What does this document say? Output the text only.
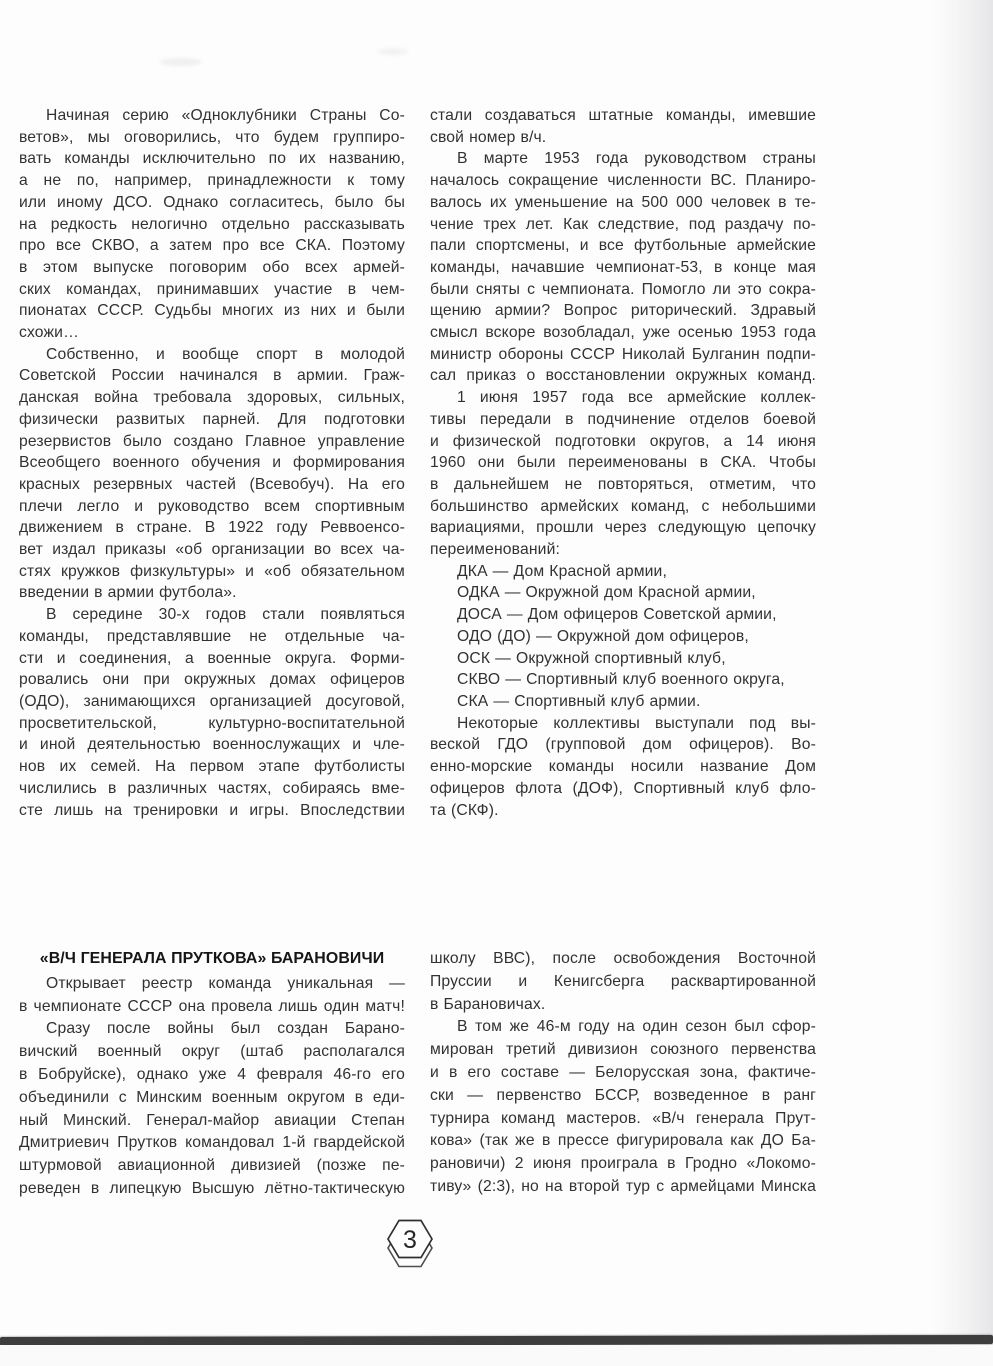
Начиная серию «Одноклубники Страны Со-
ветов», мы оговорились, что будем группиро-
вать команды исключительно по их названию,
а не по, например, принадлежности к тому
или иному ДСО. Однако согласитесь, было бы
на редкость нелогично отдельно рассказывать
про все СКВО, а затем про все СКА. Поэтому
в этом выпуске поговорим обо всех армей-
ских командах, принимавших участие в чем-
пионатах СССР. Судьбы многих из них и были
схожи…
Собственно, и вообще спорт в молодой
Советской России начинался в армии. Граж-
данская война требовала здоровых, сильных,
физически развитых парней. Для подготовки
резервистов было создано Главное управление
Всеобщего военного обучения и формирования
красных резервных частей (Всевобуч). На его
плечи легло и руководство всем спортивным
движением в стране. В 1922 году Реввоенсо-
вет издал приказы «об организации во всех ча-
стях кружков физкультуры» и «об обязательном
введении в армии футбола».
В середине 30-х годов стали появляться
команды, представлявшие не отдельные ча-
сти и соединения, а военные округа. Форми-
ровались они при окружных домах офицеров
(ОДО), занимающихся организацией досуговой,
просветительской, культурно-воспитательной
и иной деятельностью военнослужащих и чле-
нов их семей. На первом этапе футболисты
числились в различных частях, собираясь вме-
сте лишь на тренировки и игры. Впоследствии
стали создаваться штатные команды, имевшие
свой номер в/ч.
В марте 1953 года руководством страны
началось сокращение численности ВС. Планиро-
валось их уменьшение на 500 000 человек в те-
чение трех лет. Как следствие, под раздачу по-
пали спортсмены, и все футбольные армейские
команды, начавшие чемпионат-53, в конце мая
были сняты с чемпионата. Помогло ли это сокра-
щению армии? Вопрос риторический. Здравый
смысл вскоре возобладал, уже осенью 1953 года
министр обороны СССР Николай Булганин подпи-
сал приказ о восстановлении окружных команд.
1 июня 1957 года все армейские коллек-
тивы передали в подчинение отделов боевой
и физической подготовки округов, а 14 июня
1960 они были переименованы в СКА. Чтобы
в дальнейшем не повторяться, отметим, что
большинство армейских команд, с небольшими
вариациями, прошли через следующую цепочку
переименований:
ДКА — Дом Красной армии,
ОДКА — Окружной дом Красной армии,
ДОСА — Дом офицеров Советской армии,
ОДО (ДО) — Окружной дом офицеров,
ОСК — Окружной спортивный клуб,
СКВО — Спортивный клуб военного округа,
СКА — Спортивный клуб армии.
Некоторые коллективы выступали под вы-
веской ГДО (групповой дом офицеров). Во-
енно-морские команды носили название Дом
офицеров флота (ДОФ), Спортивный клуб фло-
та (СКФ).
«В/Ч ГЕНЕРАЛА ПРУТКОВА» БАРАНОВИЧИ
Открывает реестр команда уникальная —
в чемпионате СССР она провела лишь один матч!
Сразу после войны был создан Барано-
вичский военный округ (штаб располагался
в Бобруйске), однако уже 4 февраля 46-го его
объединили с Минским военным округом в еди-
ный Минский. Генерал-майор авиации Степан
Дмитриевич Прутков командовал 1-й гвардейской
штурмовой авиационной дивизией (позже пе-
реведен в липецкую Высшую лётно-тактическую
школу ВВС), после освобождения Восточной
Пруссии и Кенигсберга расквартированной
в Барановичах.
В том же 46-м году на один сезон был сфор-
мирован третий дивизион союзного первенства
и в его составе — Белорусская зона, фактиче-
ски — первенство БССР, возведенное в ранг
турнира команд мастеров. «В/ч генерала Прут-
кова» (так же в прессе фигурировала как ДО Ба-
рановичи) 2 июня проиграла в Гродно «Локомо-
тиву» (2:3), но на второй тур с армейцами Минска
3
